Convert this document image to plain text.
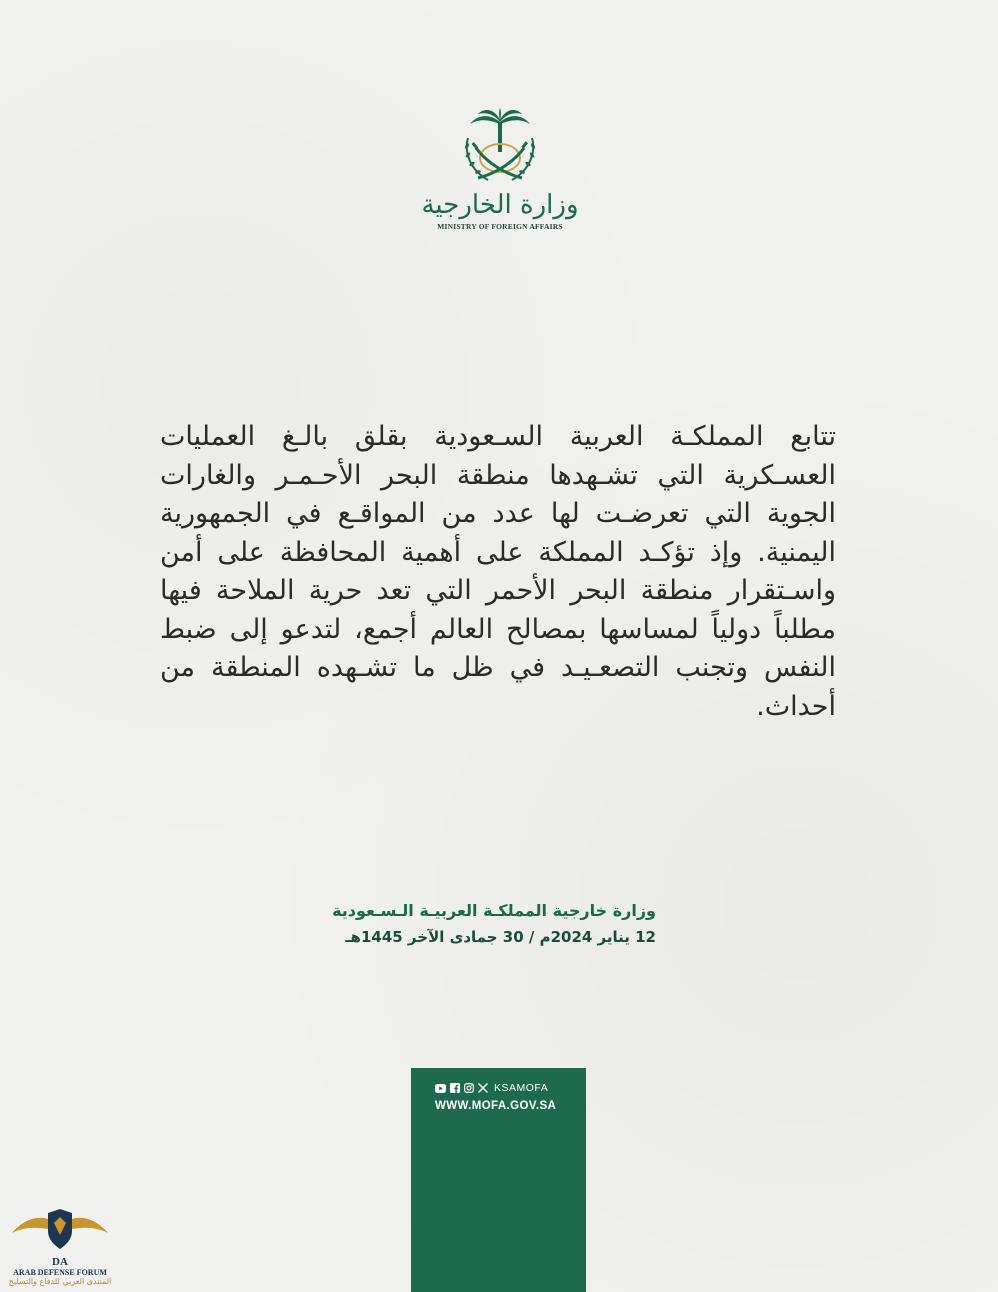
وزارة الخارجية
MINISTRY OF FOREIGN AFFAIRS
تتابع المملكـة العربية السـعودية بقلق بالـغ العمليات العسـكرية التي تشـهدها منطقة البحر الأحـمـر والغارات الجوية التي تعرضـت لها عدد من المواقـع في الجمهورية اليمنية. وإذ تؤكـد المملكة على أهمية المحافظة على أمن واسـتقرار منطقة البحر الأحمر التي تعد حرية الملاحة فيها مطلباً دولياً لمساسها بمصالح العالم أجمع، لتدعو إلى ضبط النفس وتجنب التصعـيـد في ظل ما تشـهده المنطقة من أحداث.
وزارة خارجية المملكـة العربيـة الـسـعودية
12 يناير 2024م / 30 جمادى الآخر 1445هـ
KSAMOFA
WWW.MOFA.GOV.SA
DA
ARAB DEFENSE FORUM
المنتدى العربي للدفاع والتسليح
